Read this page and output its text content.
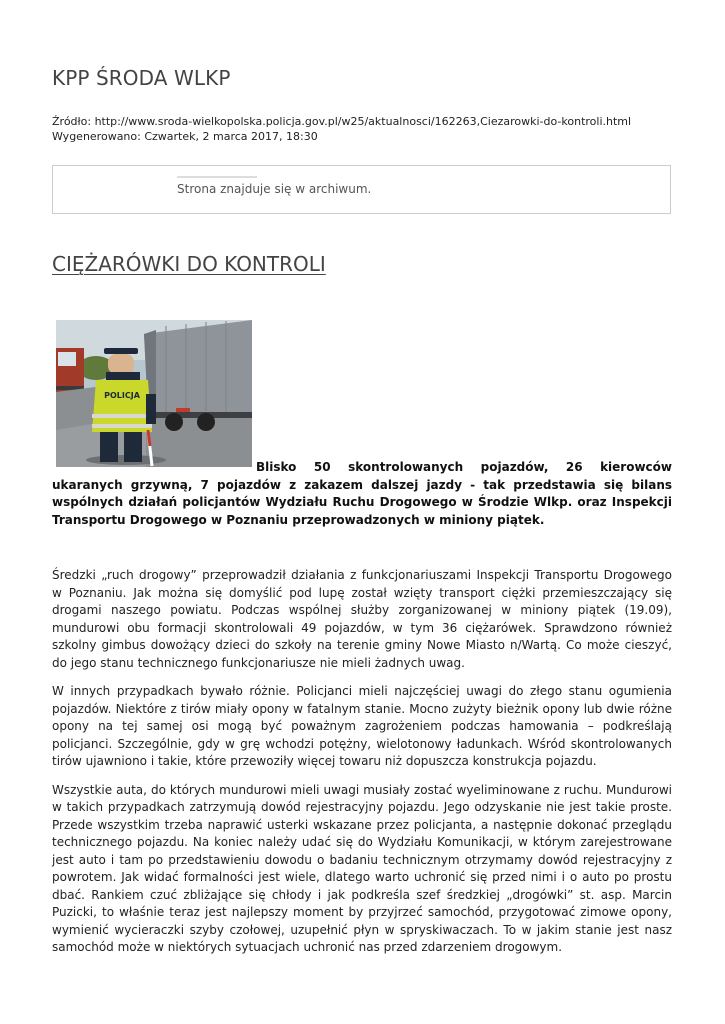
KPP ŚRODA WLKP
Źródło: http://www.sroda-wielkopolska.policja.gov.pl/w25/aktualnosci/162263,Ciezarowki-do-kontroli.html
Wygenerowano: Czwartek, 2 marca 2017, 18:30
Strona znajduje się w archiwum.
CIĘŻARÓWKI DO KONTROLI
POLICJA
Blisko 50 skontrolowanych pojazdów, 26 kierowców ukaranych grzywną, 7 pojazdów z zakazem dalszej jazdy - tak przedstawia się bilans wspólnych działań policjantów Wydziału Ruchu Drogowego w Środzie Wlkp. oraz Inspekcji Transportu Drogowego w Poznaniu przeprowadzonych w miniony piątek.

Średzki „ruch drogowy” przeprowadził działania z funkcjonariuszami Inspekcji Transportu Drogowego w Poznaniu. Jak można się domyślić pod lupę został wzięty transport ciężki przemieszczający się drogami naszego powiatu. Podczas wspólnej służby zorganizowanej w miniony piątek (19.09), mundurowi obu formacji skontrolowali 49 pojazdów, w tym 36 ciężarówek. Sprawdzono również szkolny gimbus dowożący dzieci do szkoły na terenie gminy Nowe Miasto n/Wartą. Co może cieszyć, do jego stanu technicznego funkcjonariusze nie mieli żadnych uwag.

W innych przypadkach bywało różnie. Policjanci mieli najczęściej uwagi do złego stanu ogumienia pojazdów. Niektóre z tirów miały opony w fatalnym stanie. Mocno zużyty bieżnik opony lub dwie różne opony na tej samej osi mogą być poważnym zagrożeniem podczas hamowania – podkreślają policjanci. Szczególnie, gdy w grę wchodzi potężny, wielotonowy ładunkach. Wśród skontrolowanych tirów ujawniono i takie, które przewoziły więcej towaru niż dopuszcza konstrukcja pojazdu.

Wszystkie auta, do których mundurowi mieli uwagi musiały zostać wyeliminowane z ruchu. Mundurowi w takich przypadkach zatrzymują dowód rejestracyjny pojazdu. Jego odzyskanie nie jest takie proste. Przede wszystkim trzeba naprawić usterki wskazane przez policjanta, a następnie dokonać przeglądu technicznego pojazdu. Na koniec należy udać się do Wydziału Komunikacji, w którym zarejestrowane jest auto i tam po przedstawieniu dowodu o badaniu technicznym otrzymamy dowód rejestracyjny z powrotem. Jak widać formalności jest wiele, dlatego warto uchronić się przed nimi i o auto po prostu dbać. Rankiem czuć zbliżające się chłody i jak podkreśla szef średzkiej „drogówki” st. asp. Marcin Puzicki, to właśnie teraz jest najlepszy moment by przyjrzeć samochód, przygotować zimowe opony, wymienić wycieraczki szyby czołowej, uzupełnić płyn w spryskiwaczach. To w jakim stanie jest nasz samochód może w niektórych sytuacjach uchronić nas przed zdarzeniem drogowym.
